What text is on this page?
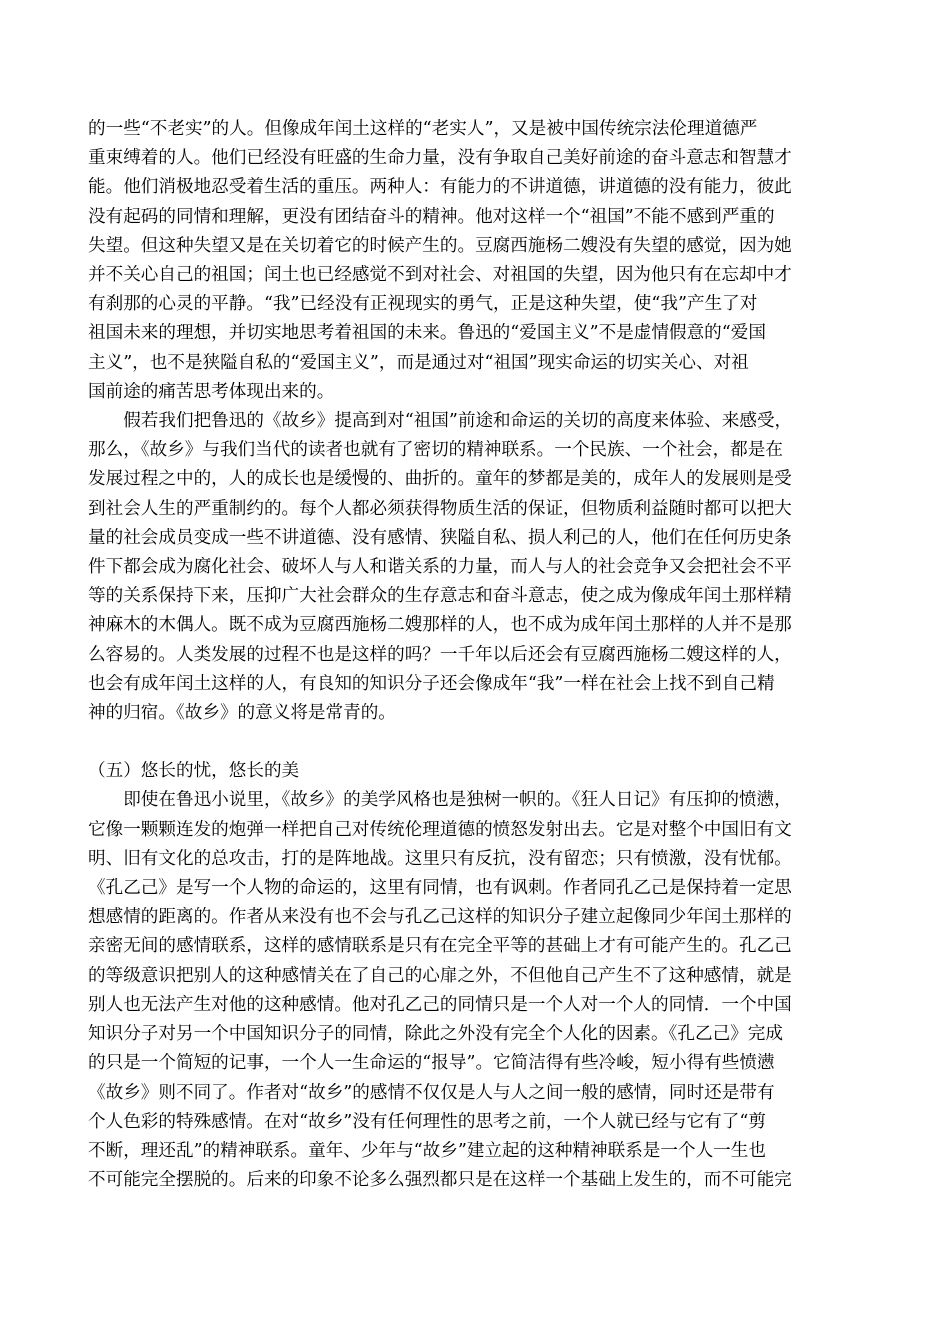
的一些“不老实”的人。但像成年闰土这样的“老实人”，又是被中国传统宗法伦理道德严
重束缚着的人。他们已经没有旺盛的生命力量，没有争取自己美好前途的奋斗意志和智慧才
能。他们消极地忍受着生活的重压。两种人：有能力的不讲道德，讲道德的没有能力，彼此
没有起码的同情和理解，更没有团结奋斗的精神。他对这样一个“祖国”不能不感到严重的
失望。但这种失望又是在关切着它的时候产生的。豆腐西施杨二嫂没有失望的感觉，因为她
并不关心自己的祖国；闰土也已经感觉不到对社会、对祖国的失望，因为他只有在忘却中才
有刹那的心灵的平静。“我”已经没有正视现实的勇气，正是这种失望，使“我”产生了对
祖国未来的理想，并切实地思考着祖国的未来。鲁迅的“爱国主义”不是虚情假意的“爱国
主义”，也不是狭隘自私的“爱国主义”，而是通过对“祖国”现实命运的切实关心、对祖
国前途的痛苦思考体现出来的。

假若我们把鲁迅的《故乡》提高到对“祖国”前途和命运的关切的高度来体验、来感受，
那么，《故乡》与我们当代的读者也就有了密切的精神联系。一个民族、一个社会，都是在
发展过程之中的，人的成长也是缓慢的、曲折的。童年的梦都是美的，成年人的发展则是受
到社会人生的严重制约的。每个人都必须获得物质生活的保证，但物质利益随时都可以把大
量的社会成员变成一些不讲道德、没有感情、狭隘自私、损人利己的人，他们在任何历史条
件下都会成为腐化社会、破坏人与人和谐关系的力量，而人与人的社会竞争又会把社会不平
等的关系保持下来，压抑广大社会群众的生存意志和奋斗意志，使之成为像成年闰土那样精
神麻木的木偶人。既不成为豆腐西施杨二嫂那样的人，也不成为成年闰土那样的人并不是那
么容易的。人类发展的过程不也是这样的吗？一千年以后还会有豆腐西施杨二嫂这样的人，
也会有成年闰土这样的人，有良知的知识分子还会像成年“我”一样在社会上找不到自己精
神的归宿。《故乡》的意义将是常青的。

（五）悠长的忧，悠长的美

即使在鲁迅小说里，《故乡》的美学风格也是独树一帜的。《狂人日记》有压抑的愤懑，
它像一颗颗连发的炮弹一样把自己对传统伦理道德的愤怒发射出去。它是对整个中国旧有文
明、旧有文化的总攻击，打的是阵地战。这里只有反抗，没有留恋；只有愤激，没有忧郁。
《孔乙己》是写一个人物的命运的，这里有同情，也有讽刺。作者同孔乙己是保持着一定思
想感情的距离的。作者从来没有也不会与孔乙己这样的知识分子建立起像同少年闰土那样的
亲密无间的感情联系，这样的感情联系是只有在完全平等的甚础上才有可能产生的。孔乙己
的等级意识把别人的这种感情关在了自己的心扉之外，不但他自己产生不了这种感情，就是
别人也无法产生对他的这种感情。他对孔乙己的同情只是一个人对一个人的同情．一个中国
知识分子对另一个中国知识分子的同情，除此之外没有完全个人化的因素。《孔乙己》完成
的只是一个简短的记事，一个人一生命运的“报导”。它简洁得有些冷峻，短小得有些愤懑
《故乡》则不同了。作者对“故乡”的感情不仅仅是人与人之间一般的感情，同时还是带有
个人色彩的特殊感情。在对“故乡”没有任何理性的思考之前，一个人就已经与它有了“剪
不断，理还乱”的精神联系。童年、少年与“故乡”建立起的这种精神联系是一个人一生也
不可能完全摆脱的。后来的印象不论多么强烈都只是在这样一个基础上发生的，而不可能完
